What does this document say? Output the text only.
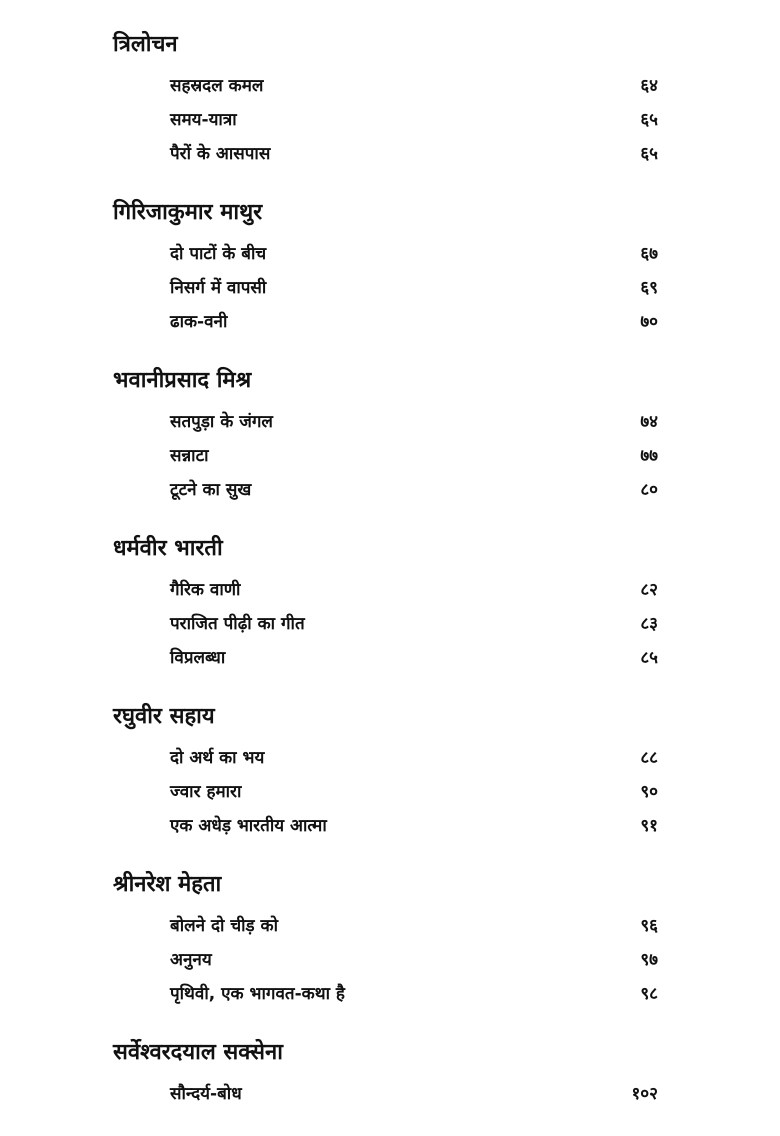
त्रिलोचन
सहस्रदल कमल	६४
समय-यात्रा	६५
पैरों के आसपास	६५
गिरिजाकुमार माथुर
दो पाटों के बीच	६७
निसर्ग में वापसी	६९
ढाक-वनी	७०
भवानीप्रसाद मिश्र
सतपुड़ा के जंगल	७४
सन्नाटा	७७
टूटने का सुख	८०
धर्मवीर भारती
गैरिक वाणी	८२
पराजित पीढ़ी का गीत	८३
विप्रलब्धा	८५
रघुवीर सहाय
दो अर्थ का भय	८८
ज्वार हमारा	९०
एक अधेड़ भारतीय आत्मा	९१
श्रीनरेश मेहता
बोलने दो चीड़ को	९६
अनुनय	९७
पृथिवी, एक भागवत-कथा है	९८
सर्वेश्वरदयाल सक्सेना
सौन्दर्य-बोध	१०२
